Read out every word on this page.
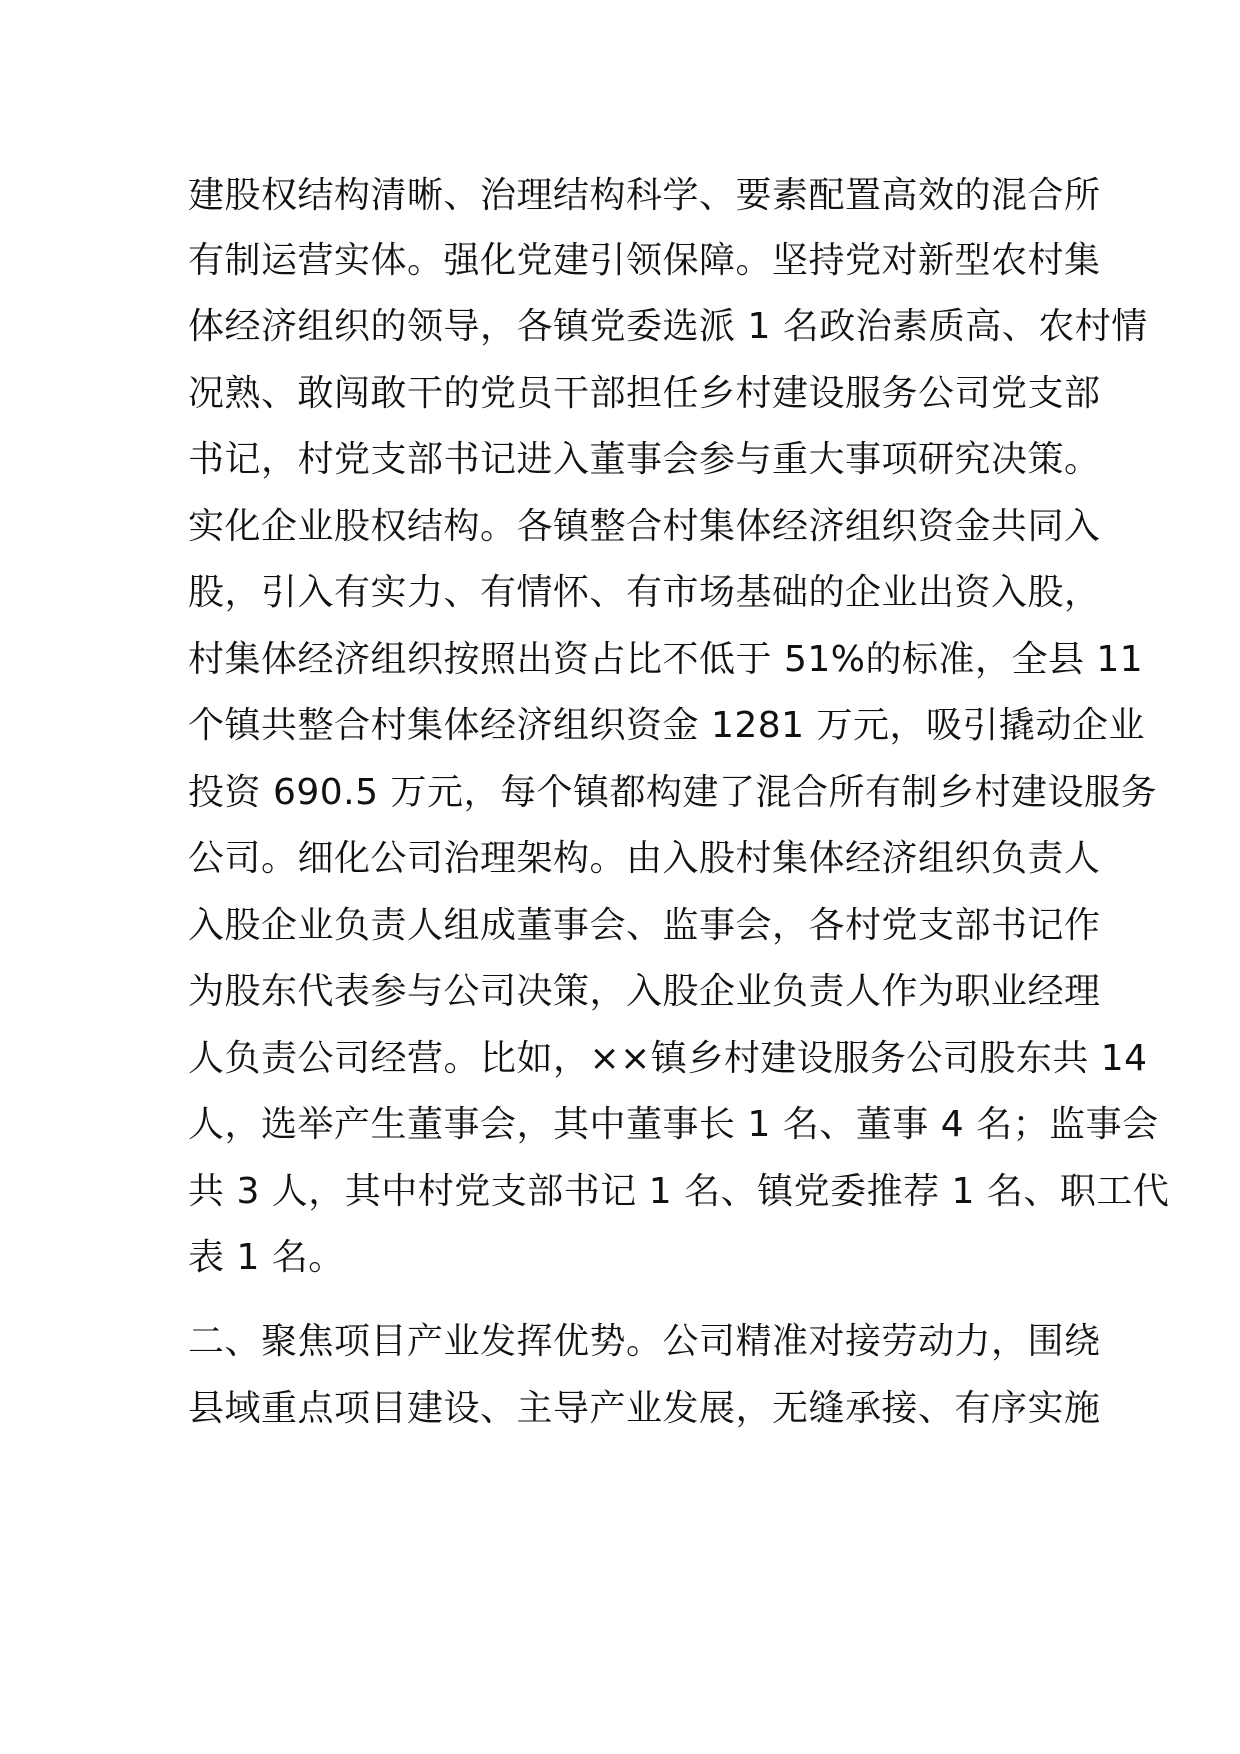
建股权结构清晰、治理结构科学、要素配置高效的混合所
有制运营实体。强化党建引领保障。坚持党对新型农村集
体经济组织的领导，各镇党委选派 1 名政治素质高、农村情
况熟、敢闯敢干的党员干部担任乡村建设服务公司党支部
书记，村党支部书记进入董事会参与重大事项研究决策。
实化企业股权结构。各镇整合村集体经济组织资金共同入
股，引入有实力、有情怀、有市场基础的企业出资入股，
村集体经济组织按照出资占比不低于 51%的标准，全县 11
个镇共整合村集体经济组织资金 1281 万元，吸引撬动企业
投资 690.5 万元，每个镇都构建了混合所有制乡村建设服务
公司。细化公司治理架构。由入股村集体经济组织负责人
入股企业负责人组成董事会、监事会，各村党支部书记作
为股东代表参与公司决策，入股企业负责人作为职业经理
人负责公司经营。比如，××镇乡村建设服务公司股东共 14
人，选举产生董事会，其中董事长 1 名、董事 4 名；监事会
共 3 人，其中村党支部书记 1 名、镇党委推荐 1 名、职工代
表 1 名。
二、聚焦项目产业发挥优势。公司精准对接劳动力，围绕
县域重点项目建设、主导产业发展，无缝承接、有序实施
